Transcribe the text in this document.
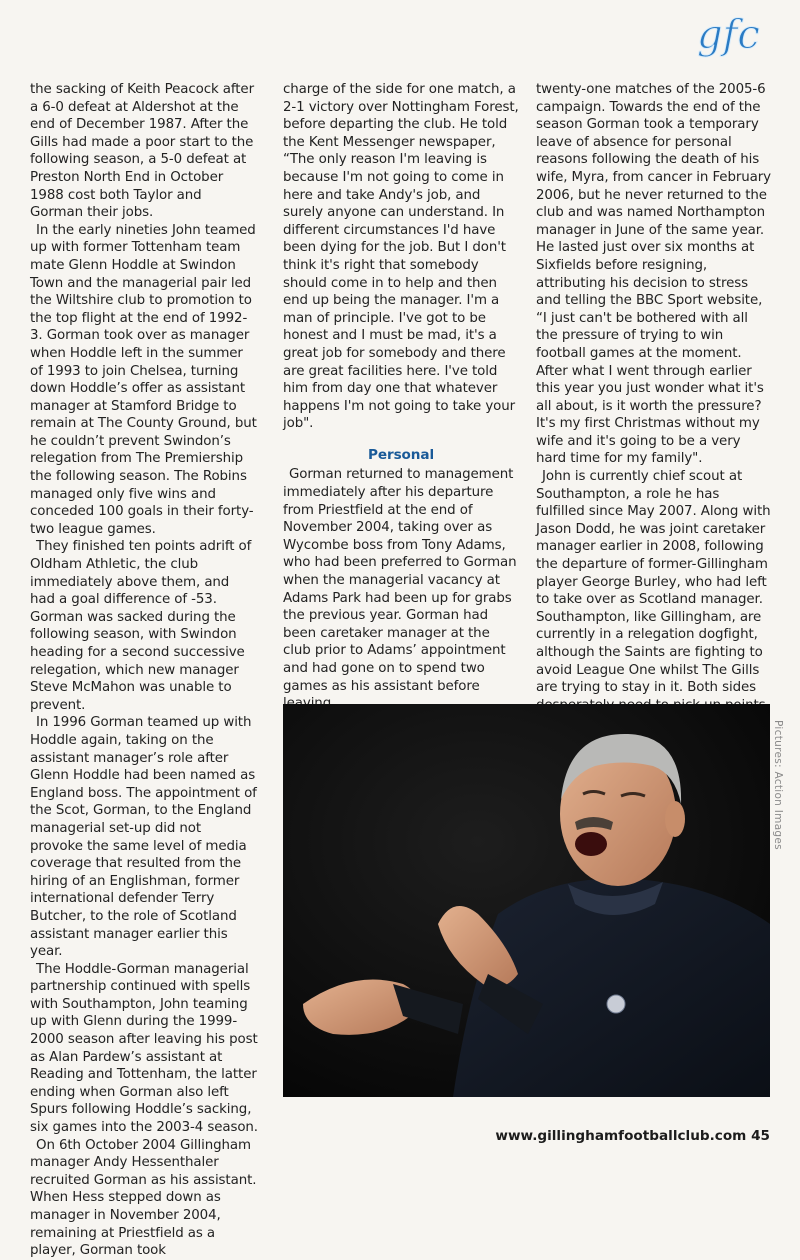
gfc

the sacking of Keith Peacock after a 6-0 defeat at Aldershot at the end of December 1987. After the Gills had made a poor start to the following season, a 5-0 defeat at Preston North End in October 1988 cost both Taylor and Gorman their jobs.

In the early nineties John teamed up with former Tottenham team mate Glenn Hoddle at Swindon Town and the managerial pair led the Wiltshire club to promotion to the top flight at the end of 1992-3. Gorman took over as manager when Hoddle left in the summer of 1993 to join Chelsea, turning down Hoddle’s offer as assistant manager at Stamford Bridge to remain at The County Ground, but he couldn’t prevent Swindon’s relegation from The Premiership the following season. The Robins managed only five wins and conceded 100 goals in their forty-two league games.

They finished ten points adrift of Oldham Athletic, the club immediately above them, and had a goal difference of -53. Gorman was sacked during the following season, with Swindon heading for a second successive relegation, which new manager Steve McMahon was unable to prevent.

In 1996 Gorman teamed up with Hoddle again, taking on the assistant manager’s role after Glenn Hoddle had been named as England boss. The appointment of the Scot, Gorman, to the England managerial set-up did not provoke the same level of media coverage that resulted from the hiring of an Englishman, former international defender Terry Butcher, to the role of Scotland assistant manager earlier this year.

The Hoddle-Gorman managerial partnership continued with spells with Southampton, John teaming up with Glenn during the 1999-2000 season after leaving his post as Alan Pardew’s assistant at Reading and Tottenham, the latter ending when Gorman also left Spurs following Hoddle’s sacking, six games into the 2003-4 season.

On 6th October 2004 Gillingham manager Andy Hessenthaler recruited Gorman as his assistant. When Hess stepped down as manager in November 2004, remaining at Priestfield as a player, Gorman took

charge of the side for one match, a 2-1 victory over Nottingham Forest, before departing the club. He told the Kent Messenger newspaper, “The only reason I'm leaving is because I'm not going to come in here and take Andy's job, and surely anyone can understand. In different circumstances I'd have been dying for the job. But I don't think it's right that somebody should come in to help and then end up being the manager. I'm a man of principle. I've got to be honest and I must be mad, it's a great job for somebody and there are great facilities here. I've told him from day one that whatever happens I'm not going to take your job".

Personal

Gorman returned to management immediately after his departure from Priestfield at the end of November 2004, taking over as Wycombe boss from Tony Adams, who had been preferred to Gorman when the managerial vacancy at Adams Park had been up for grabs the previous year. Gorman had been caretaker manager at the club prior to Adams’ appointment and had gone on to spend two games as his assistant before

twenty-one matches of the 2005-6 campaign. Towards the end of the season Gorman took a temporary leave of absence for personal reasons following the death of his wife, Myra, from cancer in February 2006, but he never returned to the club and was named Northampton manager in June of the same year. He lasted just over six months at Sixfields before resigning, attributing his decision to stress and telling the BBC Sport website, “I just can't be bothered with all the pressure of trying to win football games at the moment. After what I went through earlier this year you just wonder what it's all about, is it worth the pressure? It's my first Christmas without my wife and it's going to be a very hard time for my family".

John is currently chief scout at Southampton, a role he has fulfilled since May 2007. Along with Jason Dodd, he was joint caretaker manager earlier in 2008, following the departure of former-Gillingham player George Burley, who had left to take over as Scotland manager. Southampton, like Gillingham, are currently in a relegation dogfight, although the Saints are fighting to avoid League One whilst The Gills are trying to stay in it. Both sides

Pictures: Action Images
www.gillinghamfootballclub.com 45
